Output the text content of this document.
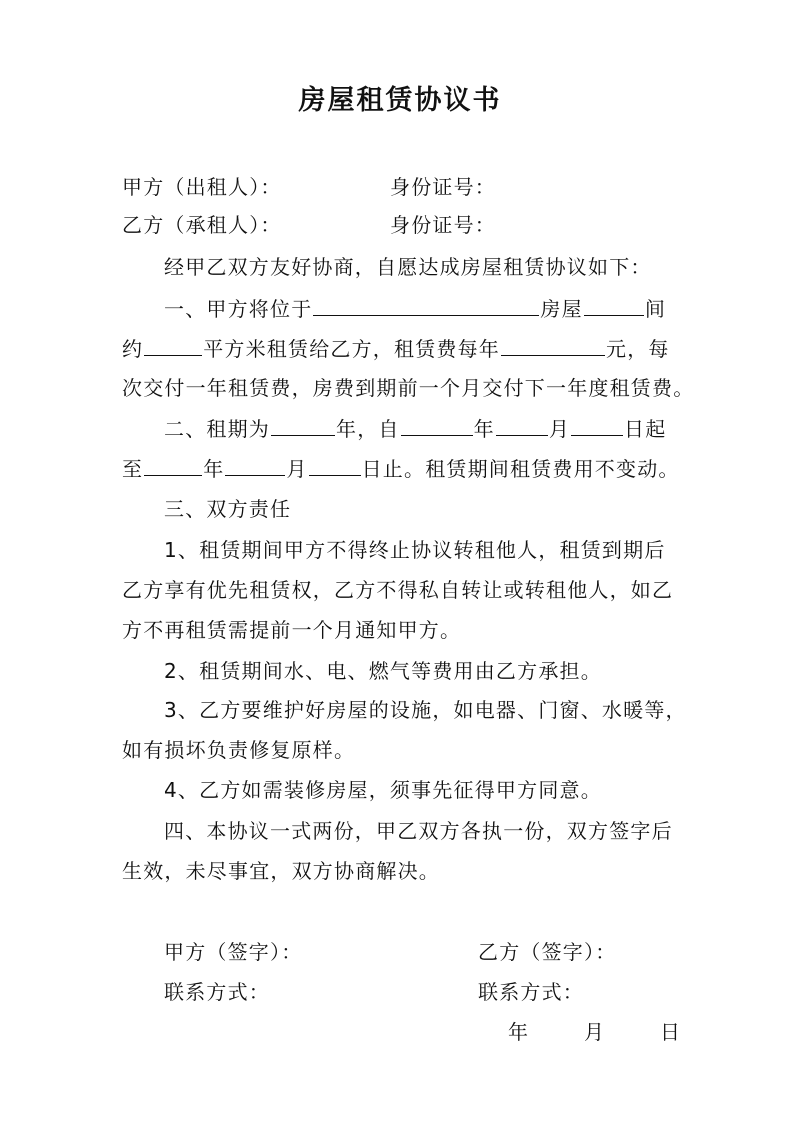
房屋租赁协议书
甲方（出租人）：	身份证号：
乙方（承租人）：	身份证号：
经甲乙双方友好协商，自愿达成房屋租赁协议如下：
一、甲方将位于	房屋	间
约	平方米租赁给乙方，租赁费每年	元，每
次交付一年租赁费，房费到期前一个月交付下一年度租赁费。
二、租期为	年，自	年	月	日起
至	年	月	日止。租赁期间租赁费用不变动。
三、双方责任
1、租赁期间甲方不得终止协议转租他人，租赁到期后
乙方享有优先租赁权，乙方不得私自转让或转租他人，如乙
方不再租赁需提前一个月通知甲方。
2、租赁期间水、电、燃气等费用由乙方承担。
3、乙方要维护好房屋的设施，如电器、门窗、水暖等，
如有损坏负责修复原样。
4、乙方如需装修房屋，须事先征得甲方同意。
四、本协议一式两份，甲乙双方各执一份，双方签字后
生效，未尽事宜，双方协商解决。
甲方（签字）：	乙方（签字）：
联系方式：	联系方式：
年	月	日
